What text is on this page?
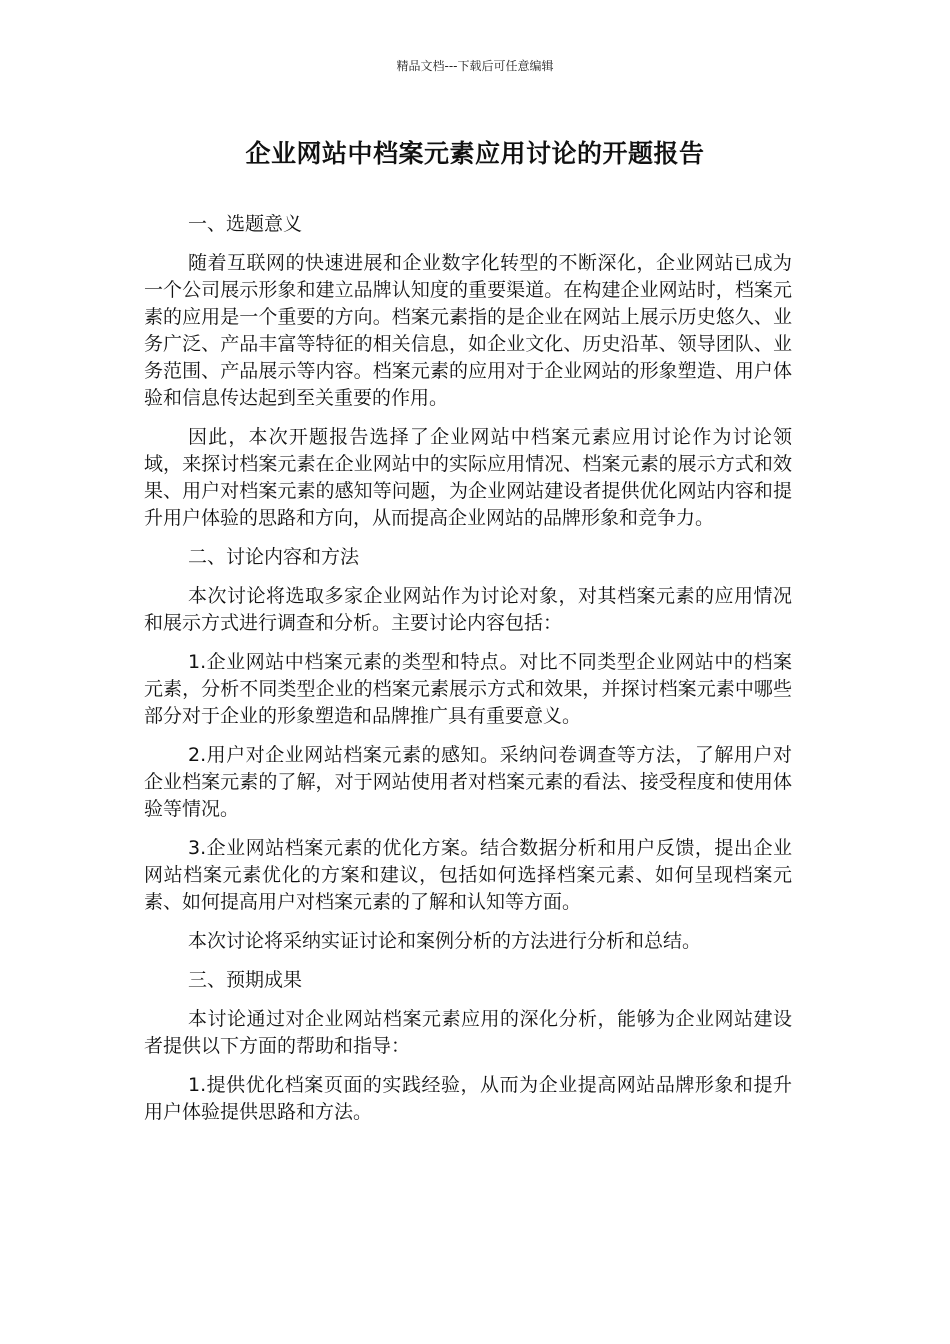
精品文档---下载后可任意编辑
企业网站中档案元素应用讨论的开题报告

一、选题意义

随着互联网的快速进展和企业数字化转型的不断深化，企业网站已成为一个公司展示形象和建立品牌认知度的重要渠道。在构建企业网站时，档案元素的应用是一个重要的方向。档案元素指的是企业在网站上展示历史悠久、业务广泛、产品丰富等特征的相关信息，如企业文化、历史沿革、领导团队、业务范围、产品展示等内容。档案元素的应用对于企业网站的形象塑造、用户体验和信息传达起到至关重要的作用。

因此，本次开题报告选择了企业网站中档案元素应用讨论作为讨论领域，来探讨档案元素在企业网站中的实际应用情况、档案元素的展示方式和效果、用户对档案元素的感知等问题，为企业网站建设者提供优化网站内容和提升用户体验的思路和方向，从而提高企业网站的品牌形象和竞争力。

二、讨论内容和方法

本次讨论将选取多家企业网站作为讨论对象，对其档案元素的应用情况和展示方式进行调查和分析。主要讨论内容包括：

1.企业网站中档案元素的类型和特点。对比不同类型企业网站中的档案元素，分析不同类型企业的档案元素展示方式和效果，并探讨档案元素中哪些部分对于企业的形象塑造和品牌推广具有重要意义。

2.用户对企业网站档案元素的感知。采纳问卷调查等方法，了解用户对企业档案元素的了解，对于网站使用者对档案元素的看法、接受程度和使用体验等情况。

3.企业网站档案元素的优化方案。结合数据分析和用户反馈，提出企业网站档案元素优化的方案和建议，包括如何选择档案元素、如何呈现档案元素、如何提高用户对档案元素的了解和认知等方面。

本次讨论将采纳实证讨论和案例分析的方法进行分析和总结。

三、预期成果

本讨论通过对企业网站档案元素应用的深化分析，能够为企业网站建设者提供以下方面的帮助和指导：

1.提供优化档案页面的实践经验，从而为企业提高网站品牌形象和提升用户体验提供思路和方法。
